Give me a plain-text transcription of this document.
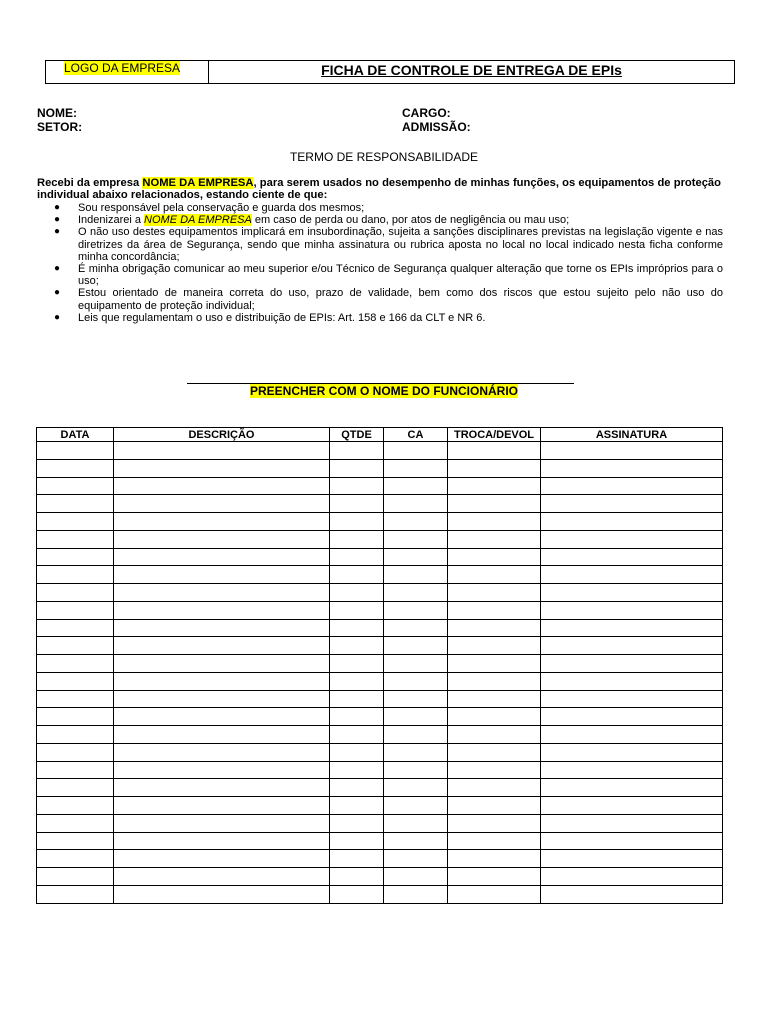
LOGO DA EMPRESA	FICHA DE CONTROLE DE ENTREGA DE EPIs
NOME:
SETOR:
CARGO:
ADMISSÃO:
TERMO DE RESPONSABILIDADE
Recebi da empresa NOME DA EMPRESA, para serem usados no desempenho de minhas funções, os equipamentos de proteção individual abaixo relacionados, estando ciente de que:
● Sou responsável pela conservação e guarda dos mesmos;
● Indenizarei a NOME DA EMPRESA em caso de perda ou dano, por atos de negligência ou mau uso;
● O não uso destes equipamentos implicará em insubordinação, sujeita a sanções disciplinares previstas na legislação vigente e nas diretrizes da área de Segurança, sendo que minha assinatura ou rubrica aposta no local no local indicado nesta ficha conforme minha concordância;
● É minha obrigação comunicar ao meu superior e/ou Técnico de Segurança qualquer alteração que torne os EPIs impróprios para o uso;
● Estou orientado de maneira correta do uso, prazo de validade, bem como dos riscos que estou sujeito pelo não uso do equipamento de proteção individual;
● Leis que regulamentam o uso e distribuição de EPIs: Art. 158 e 166 da CLT e NR 6.
PREENCHER COM O NOME DO FUNCIONÁRIO
DATA	DESCRIÇÃO	QTDE	CA	TROCA/DEVOL	ASSINATURA
